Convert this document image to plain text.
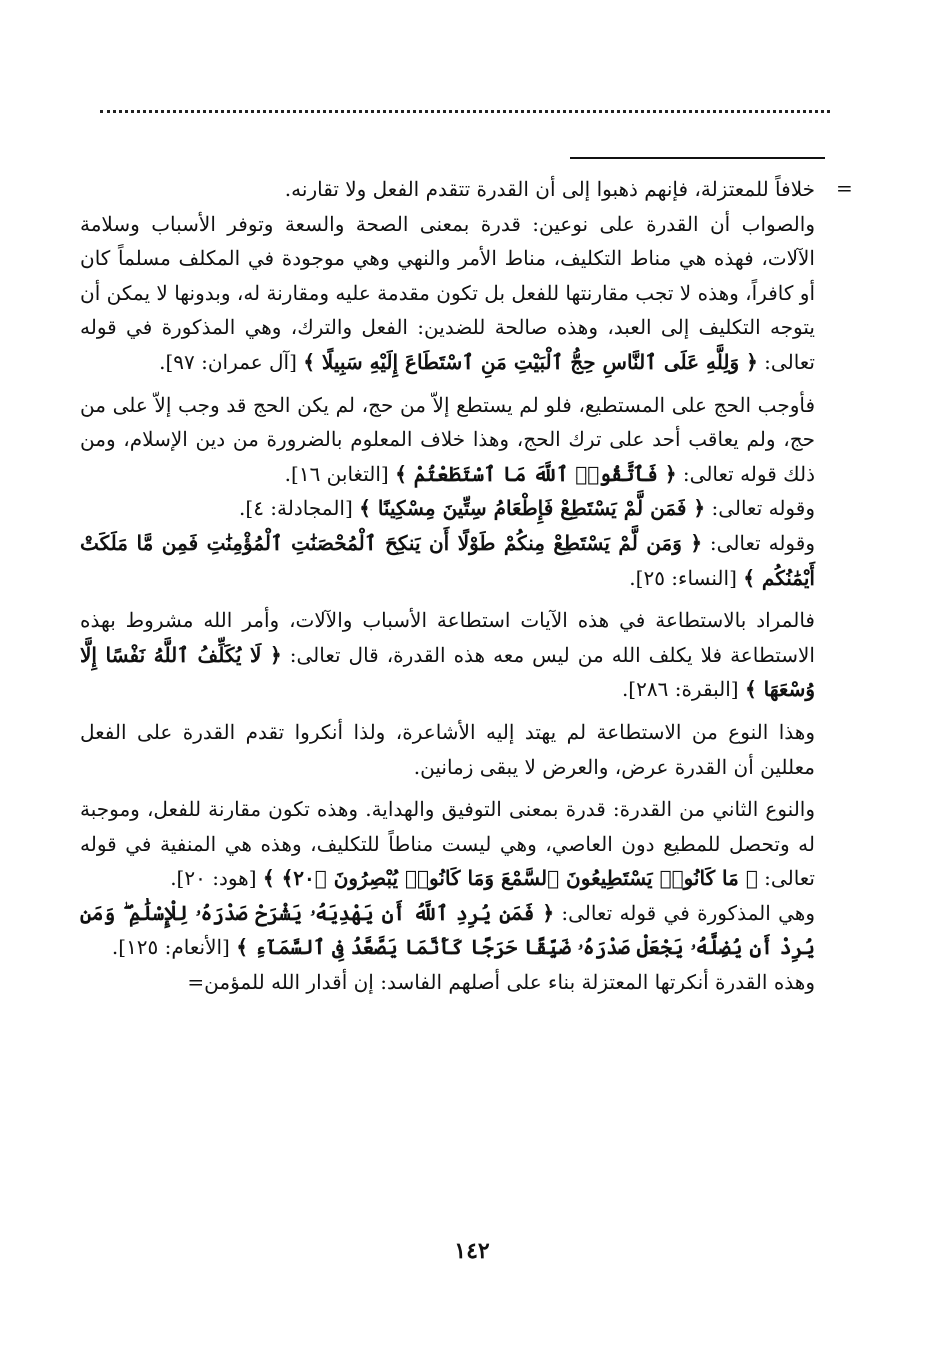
=

خلافاً للمعتزلة، فإنهم ذهبوا إلى أن القدرة تتقدم الفعل ولا تقارنه.

والصواب أن القدرة على نوعين: قدرة بمعنى الصحة والسعة وتوفر الأسباب وسلامة الآلات، فهذه هي مناط التكليف، مناط الأمر والنهي وهي موجودة في المكلف مسلماً كان أو كافراً، وهذه لا تجب مقارنتها للفعل بل تكون مقدمة عليه ومقارنة له، وبدونها لا يمكن أن يتوجه التكليف إلى العبد، وهذه صالحة للضدين: الفعل والترك، وهي المذكورة في قوله تعالى: ﴿ وَلِلَّهِ عَلَى ٱلنَّاسِ حِجُّ ٱلْبَيْتِ مَنِ ٱسْتَطَاعَ إِلَيْهِ سَبِيلًا ﴾ [آل عمران: ٩٧].

فأوجب الحج على المستطيع، فلو لم يستطع إلاّ من حج، لم يكن الحج قد وجب إلاّ على من حج، ولم يعاقب أحد على ترك الحج، وهذا خلاف المعلوم بالضرورة من دين الإسلام، ومن ذلك قوله تعالى: ﴿ فَٱتَّقُوا۟ ٱللَّهَ مَا ٱسْتَطَعْتُمْ ﴾ [التغابن ١٦].

وقوله تعالى: ﴿ فَمَن لَّمْ يَسْتَطِعْ فَإِطْعَامُ سِتِّينَ مِسْكِينًا ﴾ [المجادلة: ٤].

وقوله تعالى: ﴿ وَمَن لَّمْ يَسْتَطِعْ مِنكُمْ طَوْلًا أَن يَنكِحَ ٱلْمُحْصَنَٰتِ ٱلْمُؤْمِنَٰتِ فَمِن مَّا مَلَكَتْ أَيْمَٰنُكُم ﴾ [النساء: ٢٥].

فالمراد بالاستطاعة في هذه الآيات استطاعة الأسباب والآلات، وأمر الله مشروط بهذه الاستطاعة فلا يكلف الله من ليس معه هذه القدرة، قال تعالى: ﴿ لَا يُكَلِّفُ ٱللَّهُ نَفْسًا إِلَّا وُسْعَهَا ﴾ [البقرة: ٢٨٦].

وهذا النوع من الاستطاعة لم يهتد إليه الأشاعرة، ولذا أنكروا تقدم القدرة على الفعل معللين أن القدرة عرض، والعرض لا يبقى زمانين.

والنوع الثاني من القدرة: قدرة بمعنى التوفيق والهداية. وهذه تكون مقارنة للفعل، وموجبة له وتحصل للمطيع دون العاصي، وهي ليست مناطاً للتكليف، وهذه هي المنفية في قوله تعالى: ﴿ مَا كَانُوا۟ يَسْتَطِيعُونَ ٱلسَّمْعَ وَمَا كَانُوا۟ يُبْصِرُونَ ﴿٢٠﴾ ﴾ [هود: ٢٠].

وهي المذكورة في قوله تعالى: ﴿ فَمَن يُرِدِ ٱللَّهُ أَن يَهْدِيَهُۥ يَشْرَحْ صَدْرَهُۥ لِلْإِسْلَٰمِ ۖ وَمَن يُرِدْ أَن يُضِلَّهُۥ يَجْعَلْ صَدْرَهُۥ ضَيِّقًا حَرَجًا كَأَنَّمَا يَصَّعَّدُ فِى ٱلسَّمَآءِ ﴾ [الأنعام: ١٢٥].

وهذه القدرة أنكرتها المعتزلة بناء على أصلهم الفاسد: إن أقدار الله للمؤمن=

١٤٢
